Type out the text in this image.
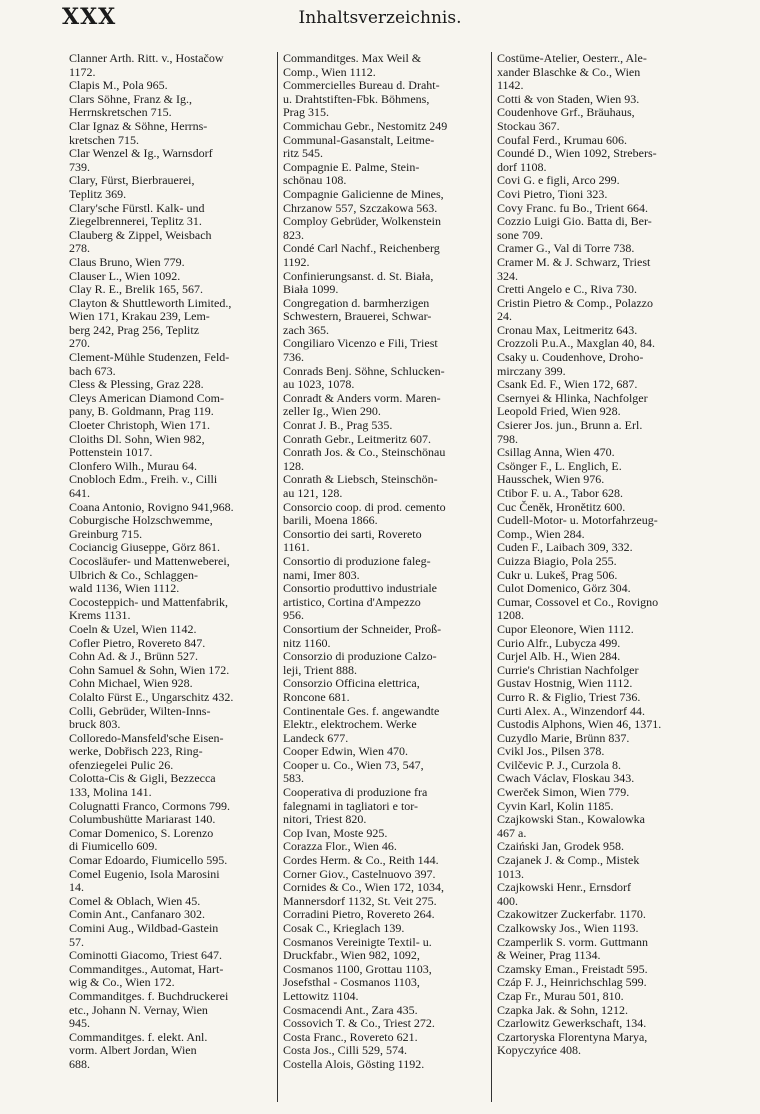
XXX	Inhaltsverzeichnis.
Clanner Arth. Ritt. v., Hostačow
1172.
Clapis M., Pola 965.
Clars Söhne, Franz & Ig.,
Herrnskretschen 715.
Clar Ignaz & Söhne, Herrns-
kretschen 715.
Clar Wenzel & Ig., Warnsdorf
739.
Clary, Fürst, Bierbrauerei,
Teplitz 369.
Clary'sche Fürstl. Kalk- und
Ziegelbrennerei, Teplitz 31.
Clauberg & Zippel, Weisbach
278.
Claus Bruno, Wien 779.
Clauser L., Wien 1092.
Clay R. E., Brelik 165, 567.
Clayton & Shuttleworth Limited.,
Wien 171, Krakau 239, Lem-
berg 242, Prag 256, Teplitz
270.
Clement-Mühle Studenzen, Feld-
bach 673.
Cless & Plessing, Graz 228.
Cleys American Diamond Com-
pany, B. Goldmann, Prag 119.
Cloeter Christoph, Wien 171.
Cloiths Dl. Sohn, Wien 982,
Pottenstein 1017.
Clonfero Wilh., Murau 64.
Cnobloch Edm., Freih. v., Cilli
641.
Coana Antonio, Rovigno 941,968.
Coburgische Holzschwemme,
Greinburg 715.
Cociancig Giuseppe, Görz 861.
Cocosläufer- und Mattenweberei,
Ulbrich & Co., Schlaggen-
wald 1136, Wien 1112.
Cocosteppich- und Mattenfabrik,
Krems 1131.
Coeln & Uzel, Wien 1142.
Cofler Pietro, Rovereto 847.
Cohn Ad. & J., Brünn 527.
Cohn Samuel & Sohn, Wien 172.
Cohn Michael, Wien 928.
Colalto Fürst E., Ungarschitz 432.
Colli, Gebrüder, Wilten-Inns-
bruck 803.
Colloredo-Mansfeld'sche Eisen-
werke, Dobřisch 223, Ring-
ofenziegelei Pulic 26.
Colotta-Cis & Gigli, Bezzecca
133, Molina 141.
Colugnatti Franco, Cormons 799.
Columbushütte Mariarast 140.
Comar Domenico, S. Lorenzo
di Fiumicello 609.
Comar Edoardo, Fiumicello 595.
Comel Eugenio, Isola Marosini
14.
Comel & Oblach, Wien 45.
Comin Ant., Canfanaro 302.
Comini Aug., Wildbad-Gastein
57.
Cominotti Giacomo, Triest 647.
Commanditges., Automat, Hart-
wig & Co., Wien 172.
Commanditges. f. Buchdruckerei
etc., Johann N. Vernay, Wien
945.
Commanditges. f. elekt. Anl.
vorm. Albert Jordan, Wien
688.
Commanditges. Max Weil &
Comp., Wien 1112.
Commercielles Bureau d. Draht-
u. Drahtstiften-Fbk. Böhmens,
Prag 315.
Commichau Gebr., Nestomitz 249
Communal-Gasanstalt, Leitme-
ritz 545.
Compagnie E. Palme, Stein-
schönau 108.
Compagnie Galicienne de Mines,
Chrzanow 557, Szczakowa 563.
Comploy Gebrüder, Wolkenstein
823.
Condé Carl Nachf., Reichenberg
1192.
Confinierungsanst. d. St. Biała,
Biała 1099.
Congregation d. barmherzigen
Schwestern, Brauerei, Schwar-
zach 365.
Congiliaro Vicenzo e Fili, Triest
736.
Conrads Benj. Söhne, Schlucken-
au 1023, 1078.
Conradt & Anders vorm. Maren-
zeller Ig., Wien 290.
Conrat J. B., Prag 535.
Conrath Gebr., Leitmeritz 607.
Conrath Jos. & Co., Steinschönau
128.
Conrath & Liebsch, Steinschön-
au 121, 128.
Consorcio coop. di prod. cemento
barili, Moena 1866.
Consortio dei sarti, Rovereto
1161.
Consortio di produzione faleg-
nami, Imer 803.
Consortio produttivo industriale
artistico, Cortina d'Ampezzo
956.
Consortium der Schneider, Proß-
nitz 1160.
Consorzio di produzione Calzo-
leji, Trient 888.
Consorzio Officina elettrica,
Roncone 681.
Continentale Ges. f. angewandte
Elektr., elektrochem. Werke
Landeck 677.
Cooper Edwin, Wien 470.
Cooper u. Co., Wien 73, 547,
583.
Cooperativa di produzione fra
falegnami in tagliatori e tor-
nitori, Triest 820.
Cop Ivan, Moste 925.
Corazza Flor., Wien 46.
Cordes Herm. & Co., Reith 144.
Corner Giov., Castelnuovo 397.
Cornides & Co., Wien 172, 1034,
Mannersdorf 1132, St. Veit 275.
Corradini Pietro, Rovereto 264.
Cosak C., Krieglach 139.
Cosmanos Vereinigte Textil- u.
Druckfabr., Wien 982, 1092,
Cosmanos 1100, Grottau 1103,
Josefsthal - Cosmanos 1103,
Lettowitz 1104.
Cosmacendi Ant., Zara 435.
Cossovich T. & Co., Triest 272.
Costa Franc., Rovereto 621.
Costa Jos., Cilli 529, 574.
Costella Alois, Gösting 1192.
Costüme-Atelier, Oesterr., Ale-
xander Blaschke & Co., Wien
1142.
Cotti & von Staden, Wien 93.
Coudenhove Grf., Bräuhaus,
Stockau 367.
Coufal Ferd., Krumau 606.
Coundé D., Wien 1092, Strebers-
dorf 1108.
Covi G. e figli, Arco 299.
Covi Pietro, Tioni 323.
Covy Franc. fu Bo., Trient 664.
Cozzio Luigi Gio. Batta di, Ber-
sone 709.
Cramer G., Val di Torre 738.
Cramer M. & J. Schwarz, Triest
324.
Cretti Angelo e C., Riva 730.
Cristin Pietro & Comp., Polazzo
24.
Cronau Max, Leitmeritz 643.
Crozzoli P.u.A., Maxglan 40, 84.
Csaky u. Coudenhove, Droho-
mirczany 399.
Csank Ed. F., Wien 172, 687.
Csernyei & Hlinka, Nachfolger
Leopold Fried, Wien 928.
Csierer Jos. jun., Brunn a. Erl.
798.
Csillag Anna, Wien 470.
Csönger F., L. Englich, E.
Hausschek, Wien 976.
Ctibor F. u. A., Tabor 628.
Cuc Čeněk, Hronětitz 600.
Cudell-Motor- u. Motorfahrzeug-
Comp., Wien 284.
Cuden F., Laibach 309, 332.
Cuizza Biagio, Pola 255.
Cukr u. Lukeš, Prag 506.
Culot Domenico, Görz 304.
Cumar, Cossovel et Co., Rovigno
1208.
Cupor Eleonore, Wien 1112.
Curio Alfr., Lubycza 499.
Curjel Alb. H., Wien 284.
Currie's Christian Nachfolger
Gustav Hostnig, Wien 1112.
Curro R. & Figlio, Triest 736.
Curti Alex. A., Winzendorf 44.
Custodis Alphons, Wien 46, 1371.
Cuzydlo Marie, Brünn 837.
Cvikl Jos., Pilsen 378.
Cvilčevic P. J., Curzola 8.
Cwach Václav, Floskau 343.
Cwerček Simon, Wien 779.
Cyvin Karl, Kolin 1185.
Czajkowski Stan., Kowalowka
467 a.
Czaiński Jan, Grodek 958.
Czajanek J. & Comp., Mistek
1013.
Czajkowski Henr., Ernsdorf
400.
Czakowitzer Zuckerfabr. 1170.
Czalkowsky Jos., Wien 1193.
Czamperlik S. vorm. Guttmann
& Weiner, Prag 1134.
Czamsky Eman., Freistadt 595.
Czáp F. J., Heinrichschlag 599.
Czap Fr., Murau 501, 810.
Czapka Jak. & Sohn, 1212.
Czarlowitz Gewerkschaft, 134.
Czartoryska Florentyna Marya,
Kopyczyńce 408.
